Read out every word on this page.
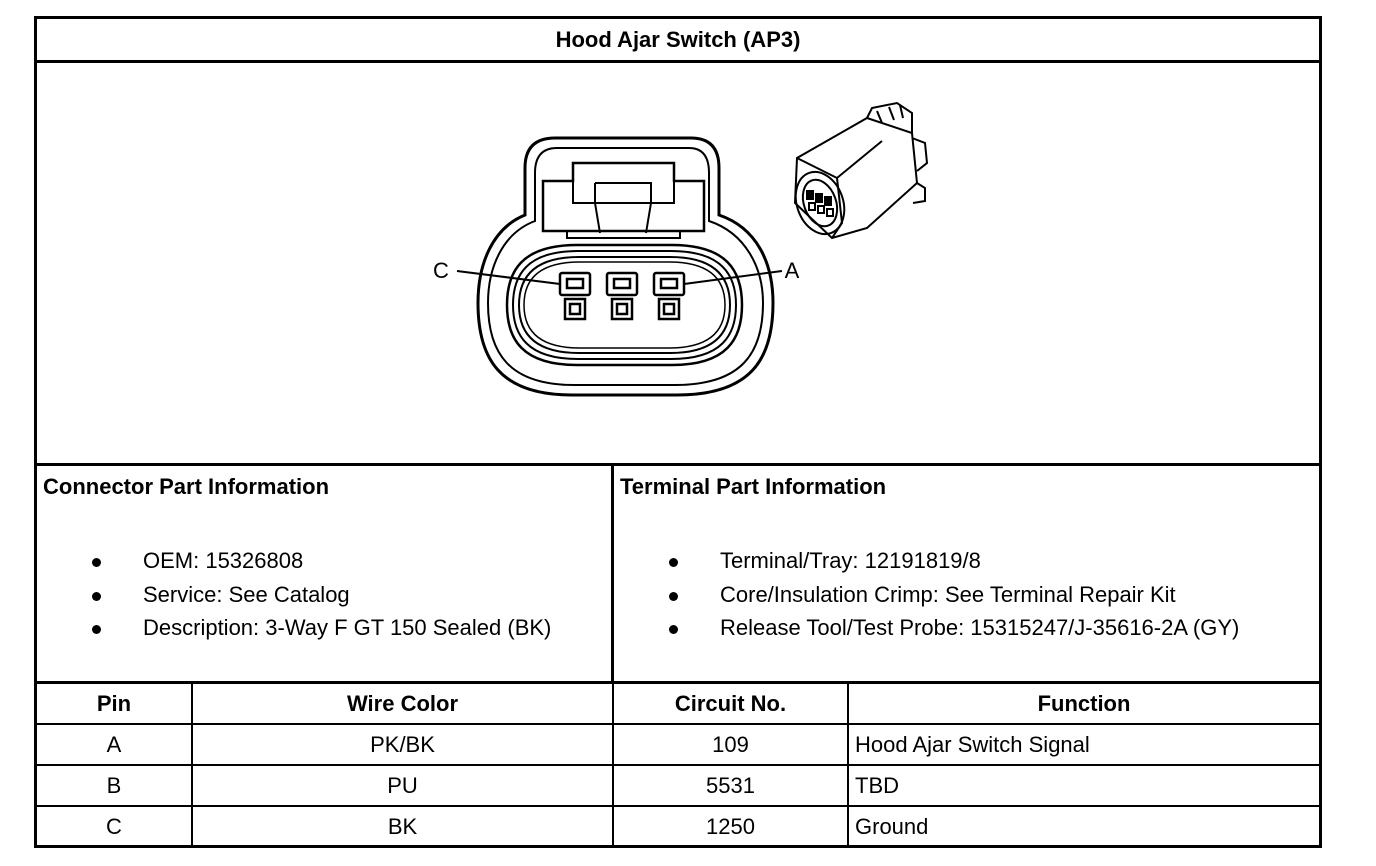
Hood Ajar Switch (AP3)
C	A
Connector Part Information
OEM: 15326808
Service: See Catalog
Description: 3-Way F GT 150 Sealed (BK)
Terminal Part Information
Terminal/Tray: 12191819/8
Core/Insulation Crimp: See Terminal Repair Kit
Release Tool/Test Probe: 15315247/J-35616-2A (GY)
Pin	Wire Color	Circuit No.	Function
A	PK/BK	109	Hood Ajar Switch Signal
B	PU	5531	TBD
C	BK	1250	Ground
